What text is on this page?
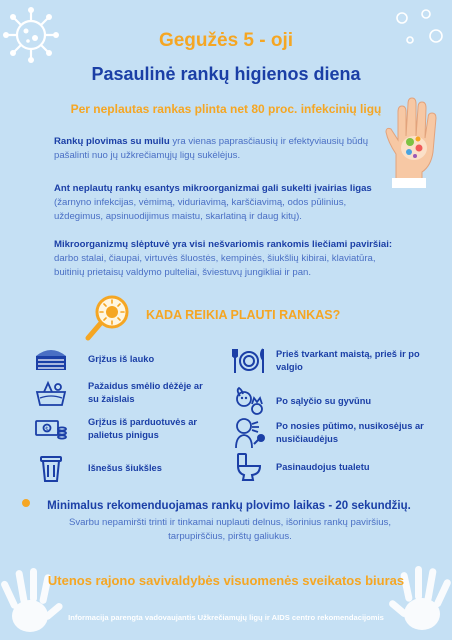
Gegužės 5 - oji
Pasaulinė rankų higienos diena
Per neplautas rankas plinta net 80 proc. infekcinių ligų
Rankų plovimas su muilu yra vienas paprasčiausių ir efektyviausių būdų pašalinti nuo jų užkrečiamųjų ligų sukėlėjus.
Ant neplautų rankų esantys mikroorganizmai gali sukelti įvairias ligas (žarnyno infekcijas, vėmimą, viduriavimą, karščiavimą, odos pūlinius, uždegimus, apsinuodijimus maistu, skarlatiną ir daug kitų).
Mikroorganizmų slėptuvė yra visi nešvariomis rankomis liečiami paviršiai: darbo stalai, čiaupai, virtuvės šluostės, kempinės, šiukšlių kibirai, klaviatūra, buitinių prietaisų valdymo pulteliai, šviestuvų jungikliai ir pan.
KADA REIKIA PLAUTI RANKAS?
Grįžus iš lauko
Pažaidus smėlio dėžėje ar su žaislais
$
Grįžus iš parduotuvės ar palietus pinigus
Išnešus šiukšles
Prieš tvarkant maistą, prieš ir po valgio
Po sąlyčio su gyvūnu
Po nosies pūtimo, nusikosėjus ar nusičiaudėjus
Pasinaudojus tualetu
Minimalus rekomenduojamas rankų plovimo laikas - 20 sekundžių.
Svarbu nepamiršti trinti ir tinkamai nuplauti delnus, išorinius rankų paviršius, tarpupirščius, pirštų galiukus.
Utenos rajono savivaldybės visuomenės sveikatos biuras
Informacija parengta vadovaujantis Užkrečiamųjų ligų ir AIDS centro rekomendacijomis
